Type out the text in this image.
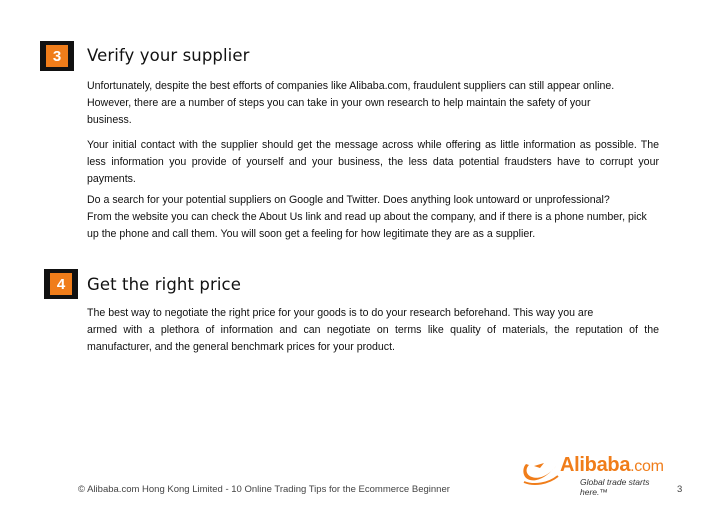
3	Verify your supplier
Unfortunately, despite the best efforts of companies like Alibaba.com, fraudulent suppliers can still appear online.
However, there are a number of steps you can take in your own research to help maintain the safety of your
business.

Your initial contact with the supplier should get the message across while offering as little information as possible. The less information you provide of yourself and your business, the less data potential fraudsters have to corrupt your payments.

Do a search for your potential suppliers on Google and Twitter. Does anything look untoward or unprofessional?
From the website you can check the About Us link and read up about the company, and if there is a phone number, pick
up the phone and call them. You will soon get a feeling for how legitimate they are as a supplier.
4	Get the right price
The best way to negotiate the right price for your goods is to do your research beforehand. This way you are
armed with a plethora of information and can negotiate on terms like quality of materials, the reputation of the manufacturer, and the general benchmark prices for your product.
Alibaba.com
Global trade starts here.™
© Alibaba.com Hong Kong Limited - 10 Online Trading Tips for the Ecommerce Beginner	3
